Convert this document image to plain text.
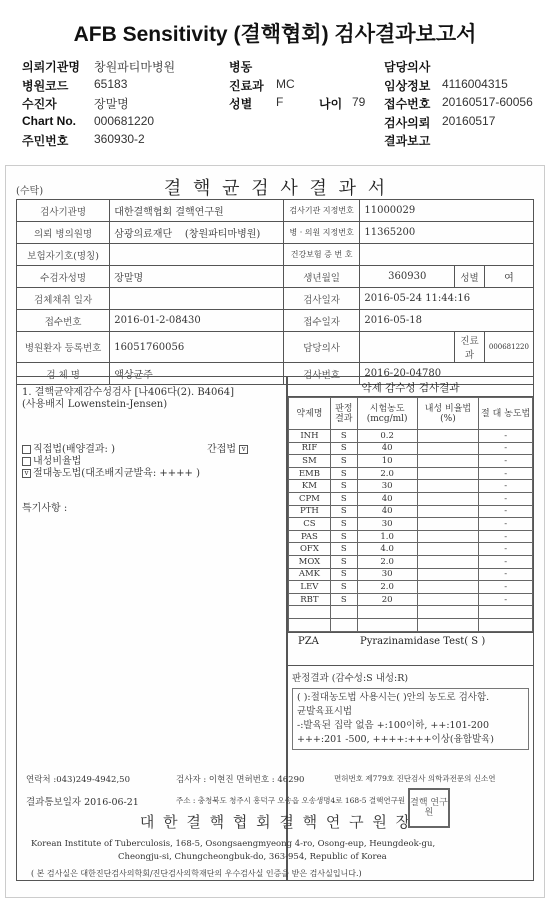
AFB Sensitivity (결핵협회) 검사결과보고서
의뢰기관명 창원파티마병원	병동	담당의사
병원코드 65183	진료과 MC	임상정보 4116004315
수진자	장말명	성별 F	나이 79 접수번호 20160517-60056
Chart No. 000681220	검사의뢰 20160517
주민번호 360930-2	결과보고
(수탁)	결 핵 균 검 사 결 과 서
검사기관명	대한결핵협회 결핵연구원	검사기관 지정번호	11000029		
의뢰 병의원명	삼광의료재단 (창원파티마병원)	병 · 의원 지정번호	11365200		
보험자기호(명칭)		건강보험 증 번 호			
수검자성명	장말명	생년월일	360930	성별	여
검체채취 일자		검사일자	2016-05-24 11:44:16		
접수번호	2016-01-2-08430	접수일자	2016-05-18		
병원환자 등록번호	16051760056	담당의사		진료과	000681220
검 체 명	액상균주	검사번호	2016-20-04780		
1. 결핵균약제감수성검사 [나406다(2). B4064]
(사용배지 Lowenstein-Jensen)
직접법(배양결과: )	간접법 v
내성비율법
v 절대농도법(대조배지균발육: ++++ )
특기사항 :
약제 감수성 검사결과
약제명	판정 결과	시험농도 (mcg/ml)	내성 비율법(%)	절 대 농도법
INH	S	0.2		-
RIF	S	40		-
SM	S	10		-
EMB	S	2.0		-
KM	S	30		-
CPM	S	40		-
PTH	S	40		-
CS	S	30		-
PAS	S	1.0		-
OFX	S	4.0		-
MOX	S	2.0		-
AMK	S	30		-
LEV	S	2.0		-
RBT	S	20		-

PZA	Pyrazinamidase Test( S )
판정결과 (감수성:S 내성:R)
( ):절대농도법 사용시는( )안의 농도로 검사함.
균발육표시법
-:발육된 집락 없음 +:100이하, ++:101-200
+++:201 -500, ++++:+++이상(융합발육)
연락처 :043)249-4942,50	검사자 : 이현진 면허번호 : 46290	면허번호 제779호 진단검사 의학과전문의 신소연
결과통보일자 2016-06-21	주소 : 충청북도 청주시 흥덕구 오송읍 오송생명4로 168-5 결핵연구원
대 한 결 핵 협 회 결 핵 연 구 원 장
Korean Institute of Tuberculosis, 168-5, Osongsaengmyeong 4-ro, Osong-eup, Heungdeok-gu,
Cheongju-si, Chungcheongbuk-do, 363-954, Republic of Korea
( 본 검사실은 대한진단검사의학회/진단검사의학재단의 우수검사실 인증을 받은 검사실입니다.)
결핵 연구원
